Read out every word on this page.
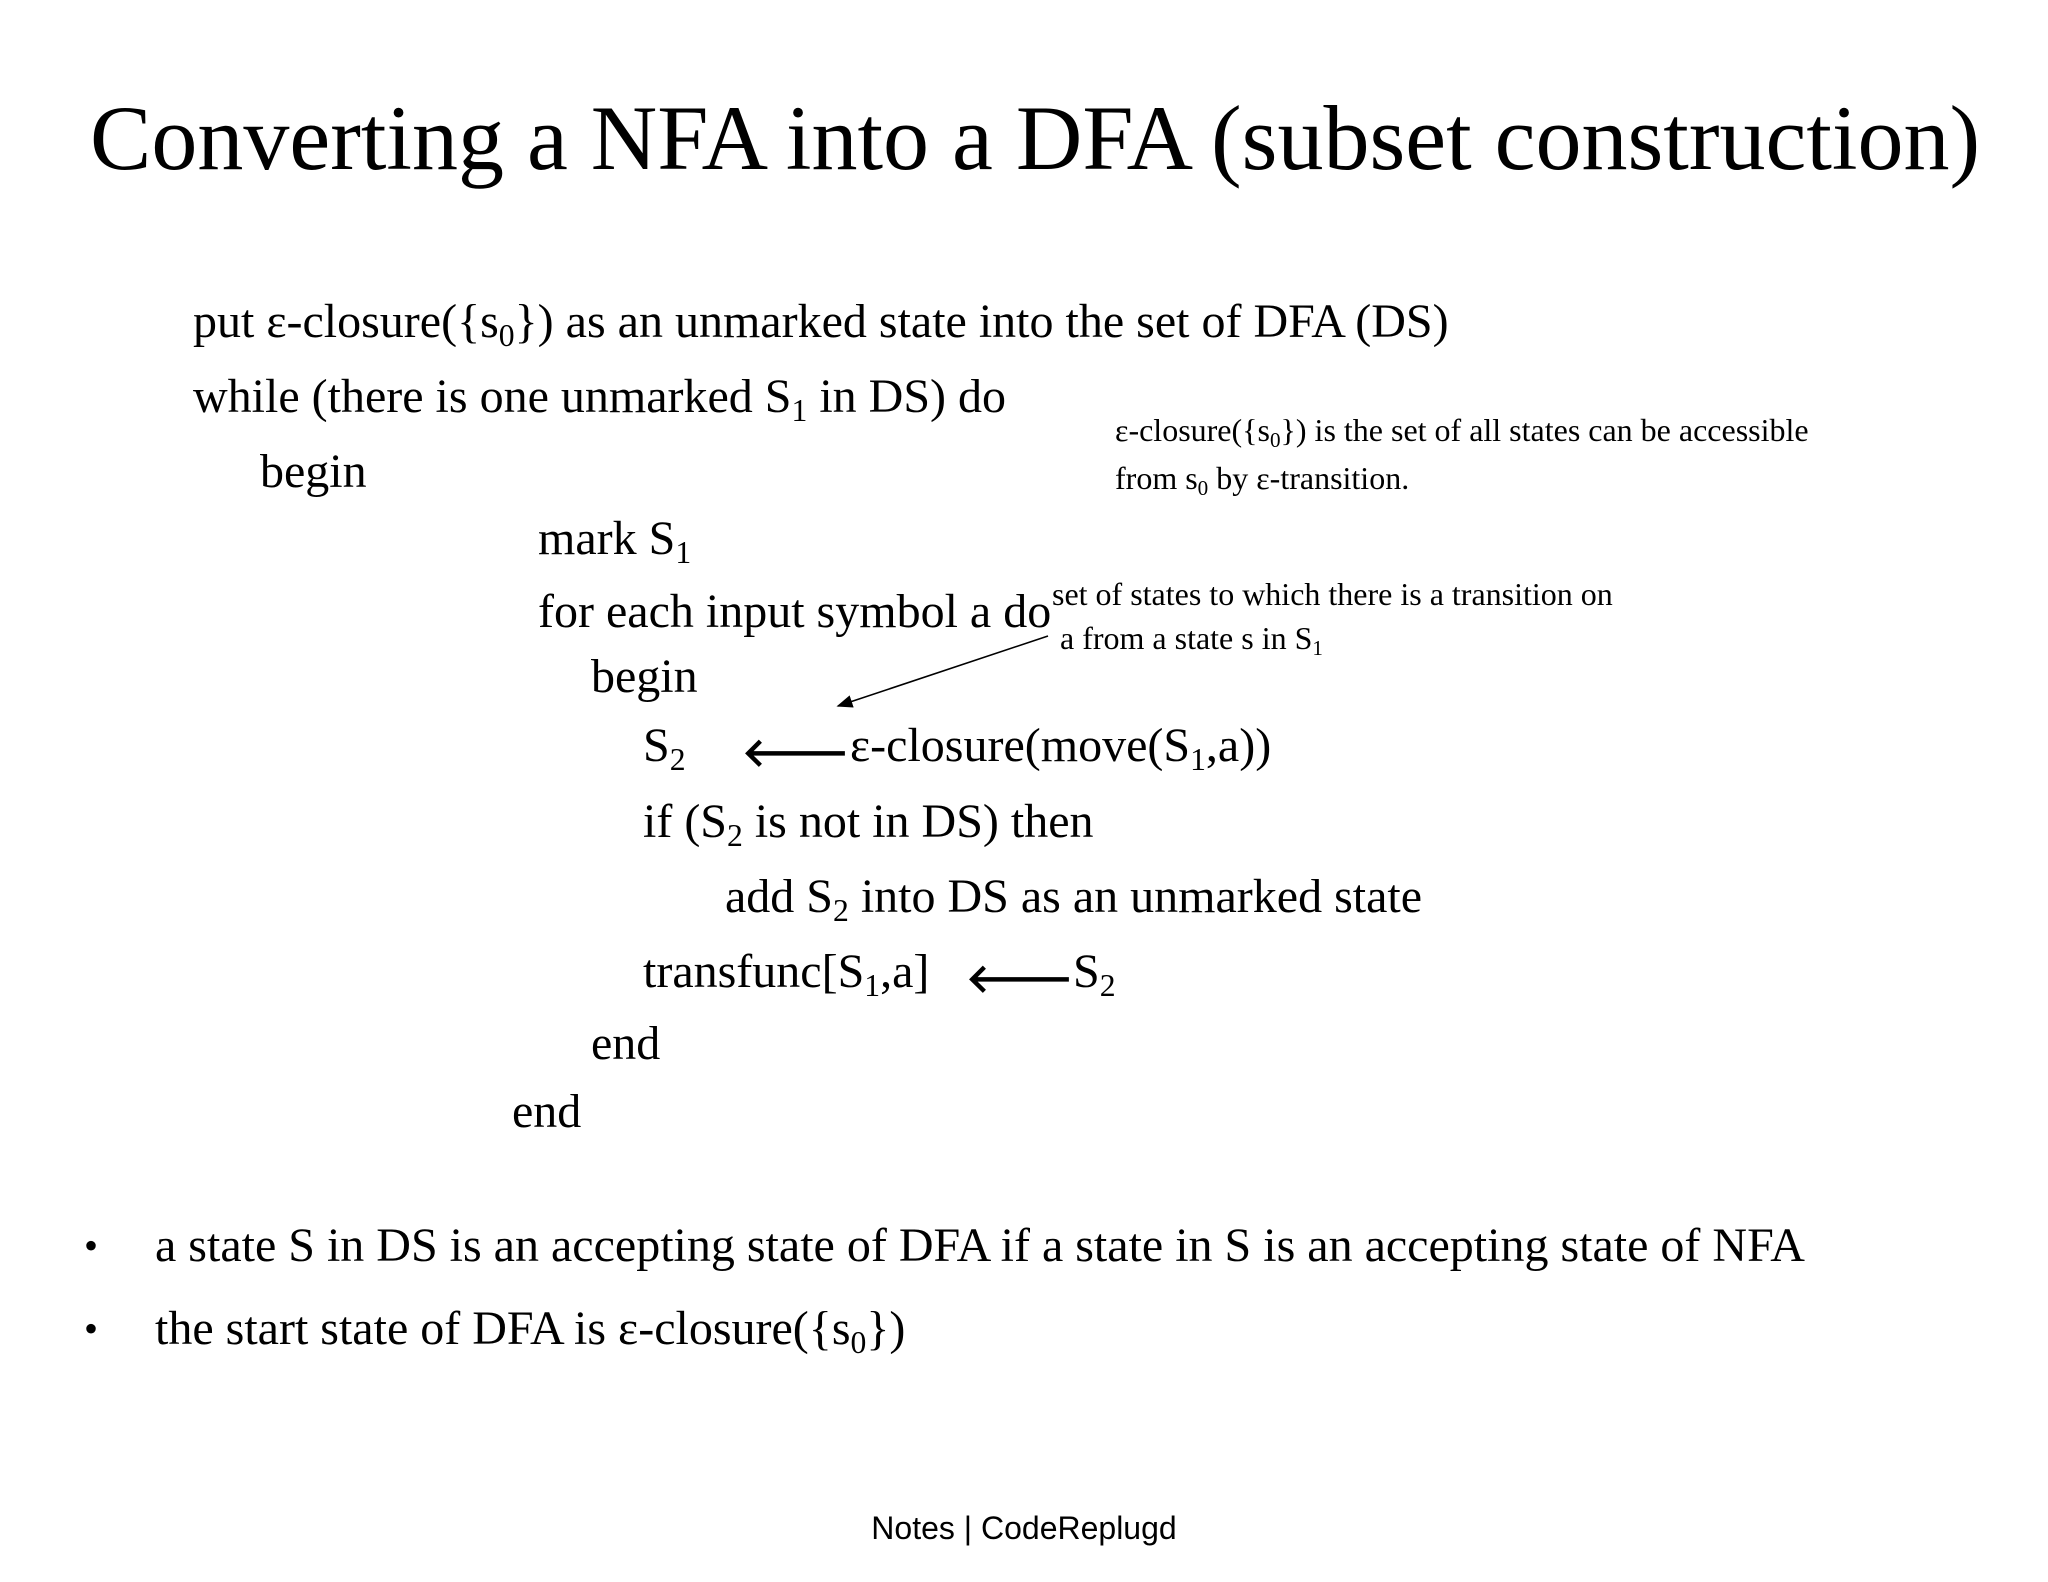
Converting a NFA into a DFA (subset construction)
put $\varepsilon-closure(\{s_0\})$ as an unmarked state into the set of DFA (DS)
while (there is one unmarked $S_1$ in DS) do
begin
mark $S_1$
for each input symbol a do
begin
$S_2$ 🡐 $\varepsilon-closure(move(S_1,a))$
if ($S_2$ is not in DS) then
add $S_2$ into DS as an unmarked state
$transfunc[S_1,a]$ 🡐 $S_2$
end
end
$\varepsilon-closure(\{s_0\})$ is the set of all states can be accessible
from $s_0$ by ε-transition.
set of states to which there is a transition on
a from a state s in $S_1$
• a state S in DS is an accepting state of DFA if a state in S is an accepting state of NFA
• the start state of DFA is $\varepsilon-closure(\{s_0\})$
Notes | CodeReplugd
